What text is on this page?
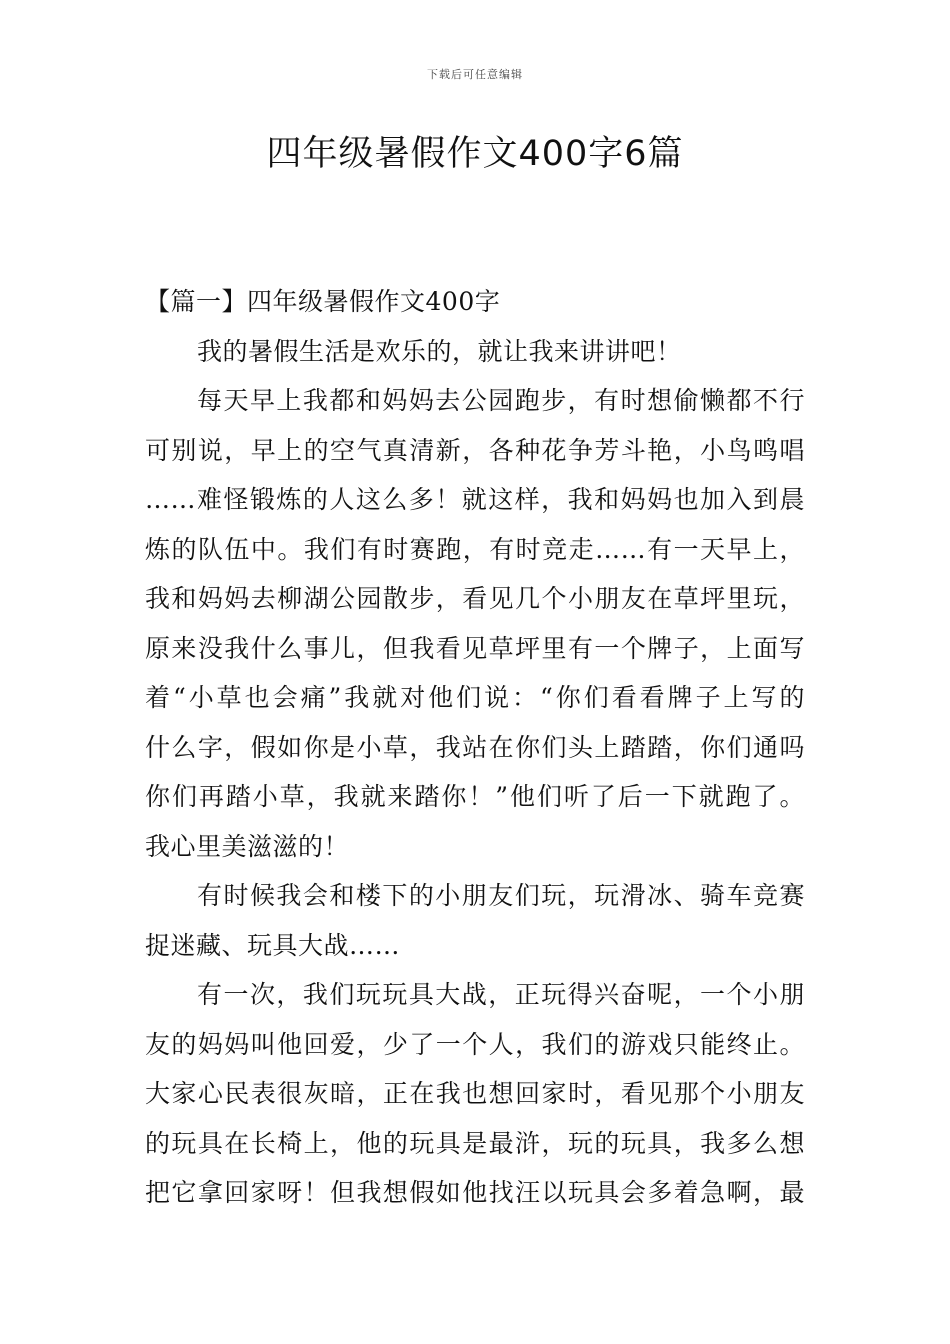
下载后可任意编辑
四年级暑假作文400字6篇
【篇一】四年级暑假作文400字
我的暑假生活是欢乐的，就让我来讲讲吧！
每天早上我都和妈妈去公园跑步，有时想偷懒都不行
可别说，早上的空气真清新，各种花争芳斗艳，小鸟鸣唱
……难怪锻炼的人这么多！就这样，我和妈妈也加入到晨
炼的队伍中。我们有时赛跑，有时竞走……有一天早上，
我和妈妈去柳湖公园散步，看见几个小朋友在草坪里玩，
原来没我什么事儿，但我看见草坪里有一个牌子，上面写
着“小草也会痛”我就对他们说：“你们看看牌子上写的
什么字，假如你是小草，我站在你们头上踏踏，你们通吗
你们再踏小草，我就来踏你！”他们听了后一下就跑了。
我心里美滋滋的！
有时候我会和楼下的小朋友们玩，玩滑冰、骑车竞赛
捉迷藏、玩具大战……
有一次，我们玩玩具大战，正玩得兴奋呢，一个小朋
友的妈妈叫他回爱，少了一个人，我们的游戏只能终止。
大家心民表很灰暗，正在我也想回家时，看见那个小朋友
的玩具在长椅上，他的玩具是最浒，玩的玩具，我多么想
把它拿回家呀！但我想假如他找汪以玩具会多着急啊，最
